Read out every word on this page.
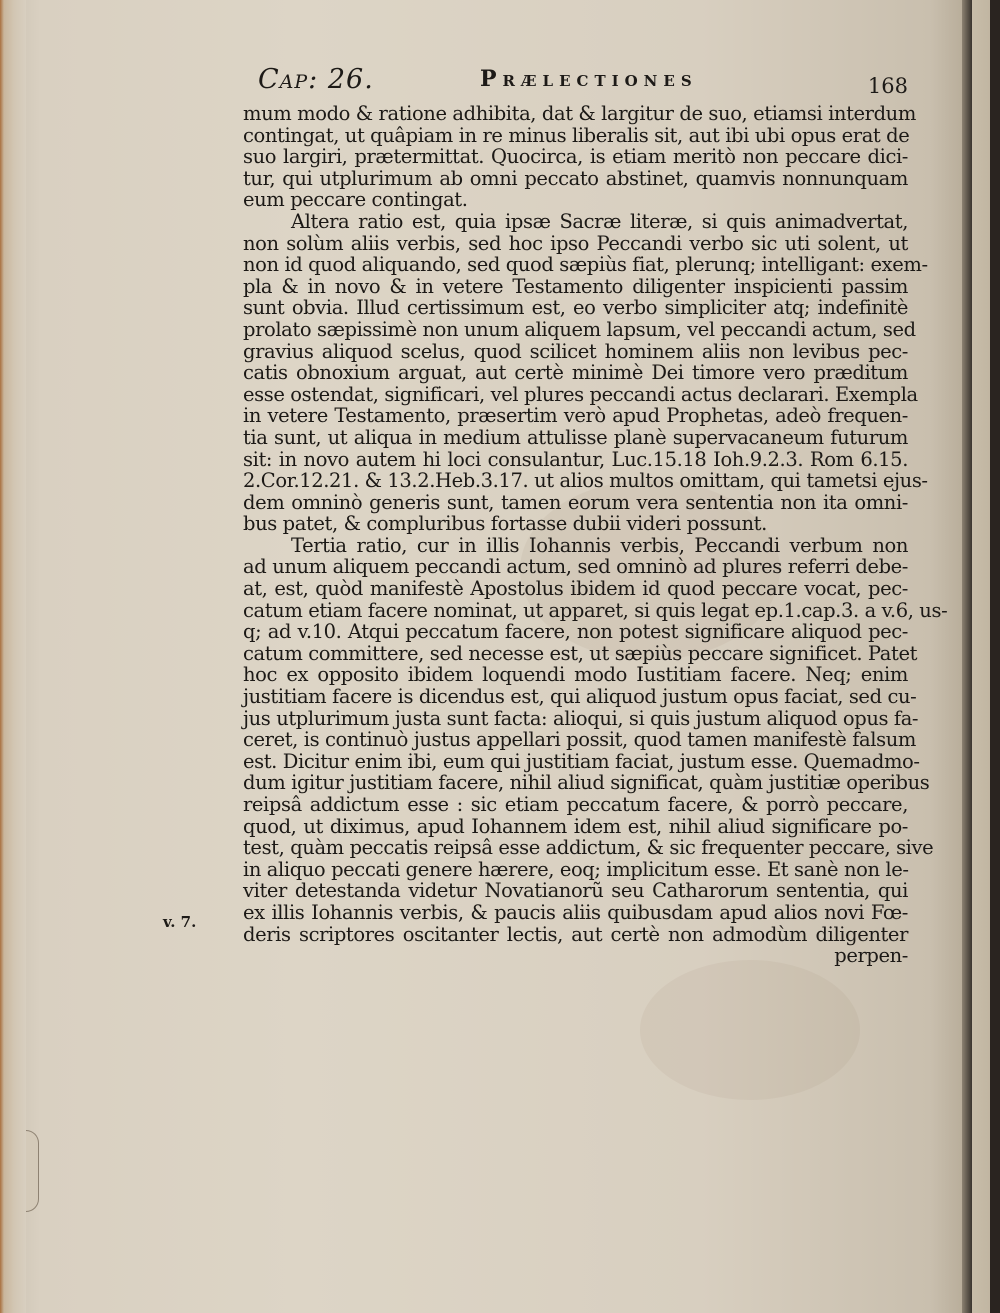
Cap: 26.	Prælectiones	168
v. 7.
mum modo & ratione adhibita, dat & largitur de suo, etiamsi interdum
contingat, ut quâpiam in re minus liberalis sit, aut ibi ubi opus erat de
suo largiri, prætermittat. Quocirca, is etiam meritò non peccare dici-
tur, qui utplurimum ab omni peccato abstinet, quamvis nonnunquam
eum peccare contingat.
Altera ratio est, quia ipsæ Sacræ literæ, si quis animadvertat,
non solùm aliis verbis, sed hoc ipso Peccandi verbo sic uti solent, ut
non id quod aliquando, sed quod sæpiùs fiat, plerunq; intelligant: exem-
pla & in novo & in vetere Testamento diligenter inspicienti passim
sunt obvia. Illud certissimum est, eo verbo simpliciter atq; indefinitè
prolato sæpissimè non unum aliquem lapsum, vel peccandi actum, sed
gravius aliquod scelus, quod scilicet hominem aliis non levibus pec-
catis obnoxium arguat, aut certè minimè Dei timore vero præditum
esse ostendat, significari, vel plures peccandi actus declarari. Exempla
in vetere Testamento, præsertim verò apud Prophetas, adeò frequen-
tia sunt, ut aliqua in medium attulisse planè supervacaneum futurum
sit: in novo autem hi loci consulantur, Luc.15.18 Ioh.9.2.3. Rom 6.15.
2.Cor.12.21. & 13.2.Heb.3.17. ut alios multos omittam, qui tametsi ejus-
dem omninò generis sunt, tamen eorum vera sententia non ita omni-
bus patet, & compluribus fortasse dubii videri possunt.
Tertia ratio, cur in illis Iohannis verbis, Peccandi verbum non
ad unum aliquem peccandi actum, sed omninò ad plures referri debe-
at, est, quòd manifestè Apostolus ibidem id quod peccare vocat, pec-
catum etiam facere nominat, ut apparet, si quis legat ep.1.cap.3. a v.6, us-
q; ad v.10. Atqui peccatum facere, non potest significare aliquod pec-
catum committere, sed necesse est, ut sæpiùs peccare significet. Patet
hoc ex opposito ibidem loquendi modo Iustitiam facere. Neq; enim
justitiam facere is dicendus est, qui aliquod justum opus faciat, sed cu-
jus utplurimum justa sunt facta: alioqui, si quis justum aliquod opus fa-
ceret, is continuò justus appellari possit, quod tamen manifestè falsum
est. Dicitur enim ibi, eum qui justitiam faciat, justum esse. Quemadmo-
dum igitur justitiam facere, nihil aliud significat, quàm justitiæ operibus
reipsâ addictum esse : sic etiam peccatum facere, & porrò peccare,
quod, ut diximus, apud Iohannem idem est, nihil aliud significare po-
test, quàm peccatis reipsâ esse addictum, & sic frequenter peccare, sive
in aliquo peccati genere hærere, eoq; implicitum esse. Et sanè non le-
viter detestanda videtur Novatianorũ seu Catharorum sententia, qui
ex illis Iohannis verbis, & paucis aliis quibusdam apud alios novi Fœ-
deris scriptores oscitanter lectis, aut certè non admodùm diligenter
perpen-
